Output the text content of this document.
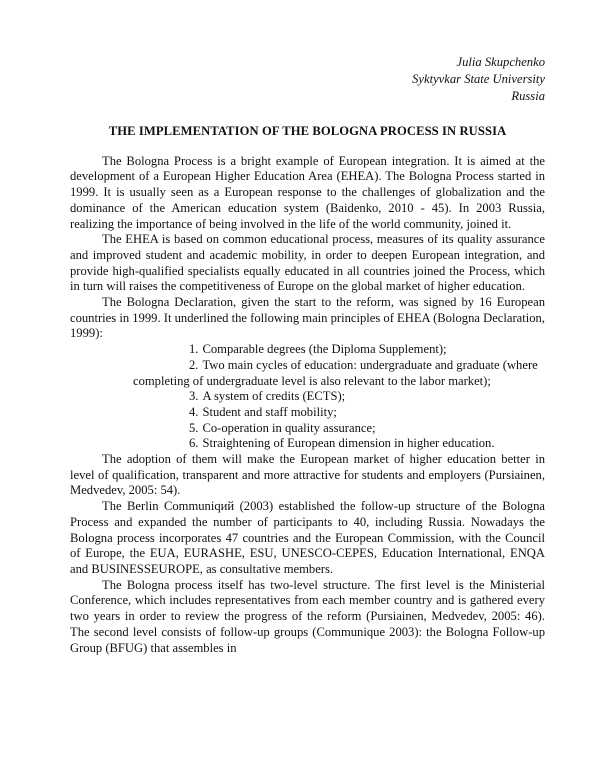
Julia Skupchenko
Syktyvkar State University
Russia
THE IMPLEMENTATION OF THE BOLOGNA PROCESS IN RUSSIA

The Bologna Process is a bright example of European integration. It is aimed at the development of a European Higher Education Area (EHEA). The Bologna Process started in 1999. It is usually seen as a European response to the challenges of globalization and the dominance of the American education system (Baidenko, 2010 - 45). In 2003 Russia, realizing the importance of being involved in the life of the world community, joined it.

The EHEA is based on common educational process, measures of its quality assurance and improved student and academic mobility, in order to deepen European integration, and provide high-qualified specialists equally educated in all countries joined the Process, which in turn will raises the competitiveness of Europe on the global market of higher education.

The Bologna Declaration, given the start to the reform, was signed by 16 European countries in 1999. It underlined the following main principles of EHEA (Bologna Declaration, 1999):

1. Comparable degrees (the Diploma Supplement);
2. Two main cycles of education: undergraduate and graduate (where
completing of undergraduate level is also relevant to the labor market);
3. A system of credits (ECTS);
4. Student and staff mobility;
5. Co-operation in quality assurance;
6. Straightening of European dimension in higher education.

The adoption of them will make the European market of higher education better in level of qualification, transparent and more attractive for students and employers (Pursiainen, Medvedev, 2005: 54).

The Berlin Communiqий (2003) established the follow-up structure of the Bologna Process and expanded the number of participants to 40, including Russia. Nowadays the Bologna process incorporates 47 countries and the European Commission, with the Council of Europe, the EUA, EURASHE, ESU, UNESCO-CEPES, Education International, ENQA and BUSINESSEUROPE, as consultative members.

The Bologna process itself has two-level structure. The first level is the Ministerial Conference, which includes representatives from each member country and is gathered every two years in order to review the progress of the reform (Pursiainen, Medvedev, 2005: 46). The second level consists of follow-up groups (Communique 2003): the Bologna Follow-up Group (BFUG) that assembles in
